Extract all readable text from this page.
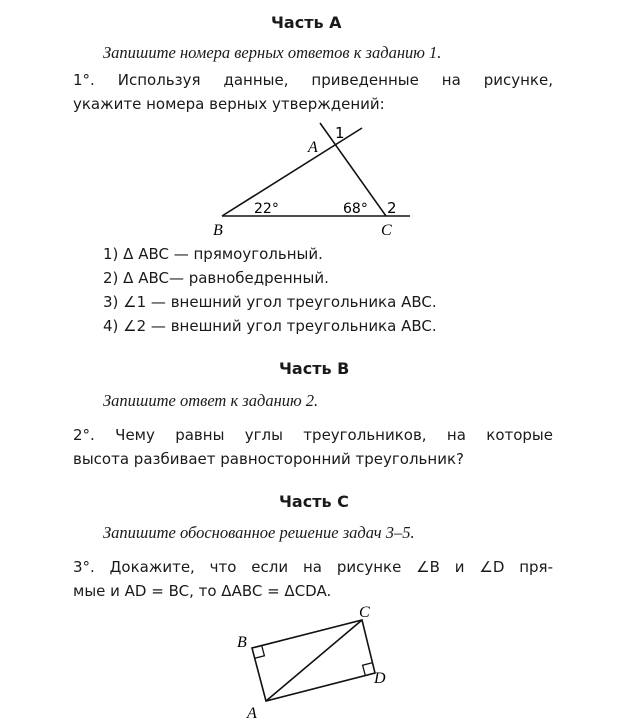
Часть А
Запишите номера верных ответов к заданию 1.
1°. Используя данные, приведенные на рисунке,
укажите номера верных утверждений:
A
1
B	C
22°	68° 2
1) Δ ABC — прямоугольный.
2) Δ ABC— равнобедренный.
3) ∠1 — внешний угол треугольника ABC.
4) ∠2 — внешний угол треугольника ABC.
Часть В
Запишите ответ к заданию 2.
2°. Чему равны углы треугольников, на которые
высота разбивает равносторонний треугольник?
Часть С
Запишите обоснованное решение задач 3–5.
3°. Докажите, что если на рисунке ∠B и ∠D пря-
мые и AD = BC, то ΔABC = ΔCDA.
B
C
D
A
